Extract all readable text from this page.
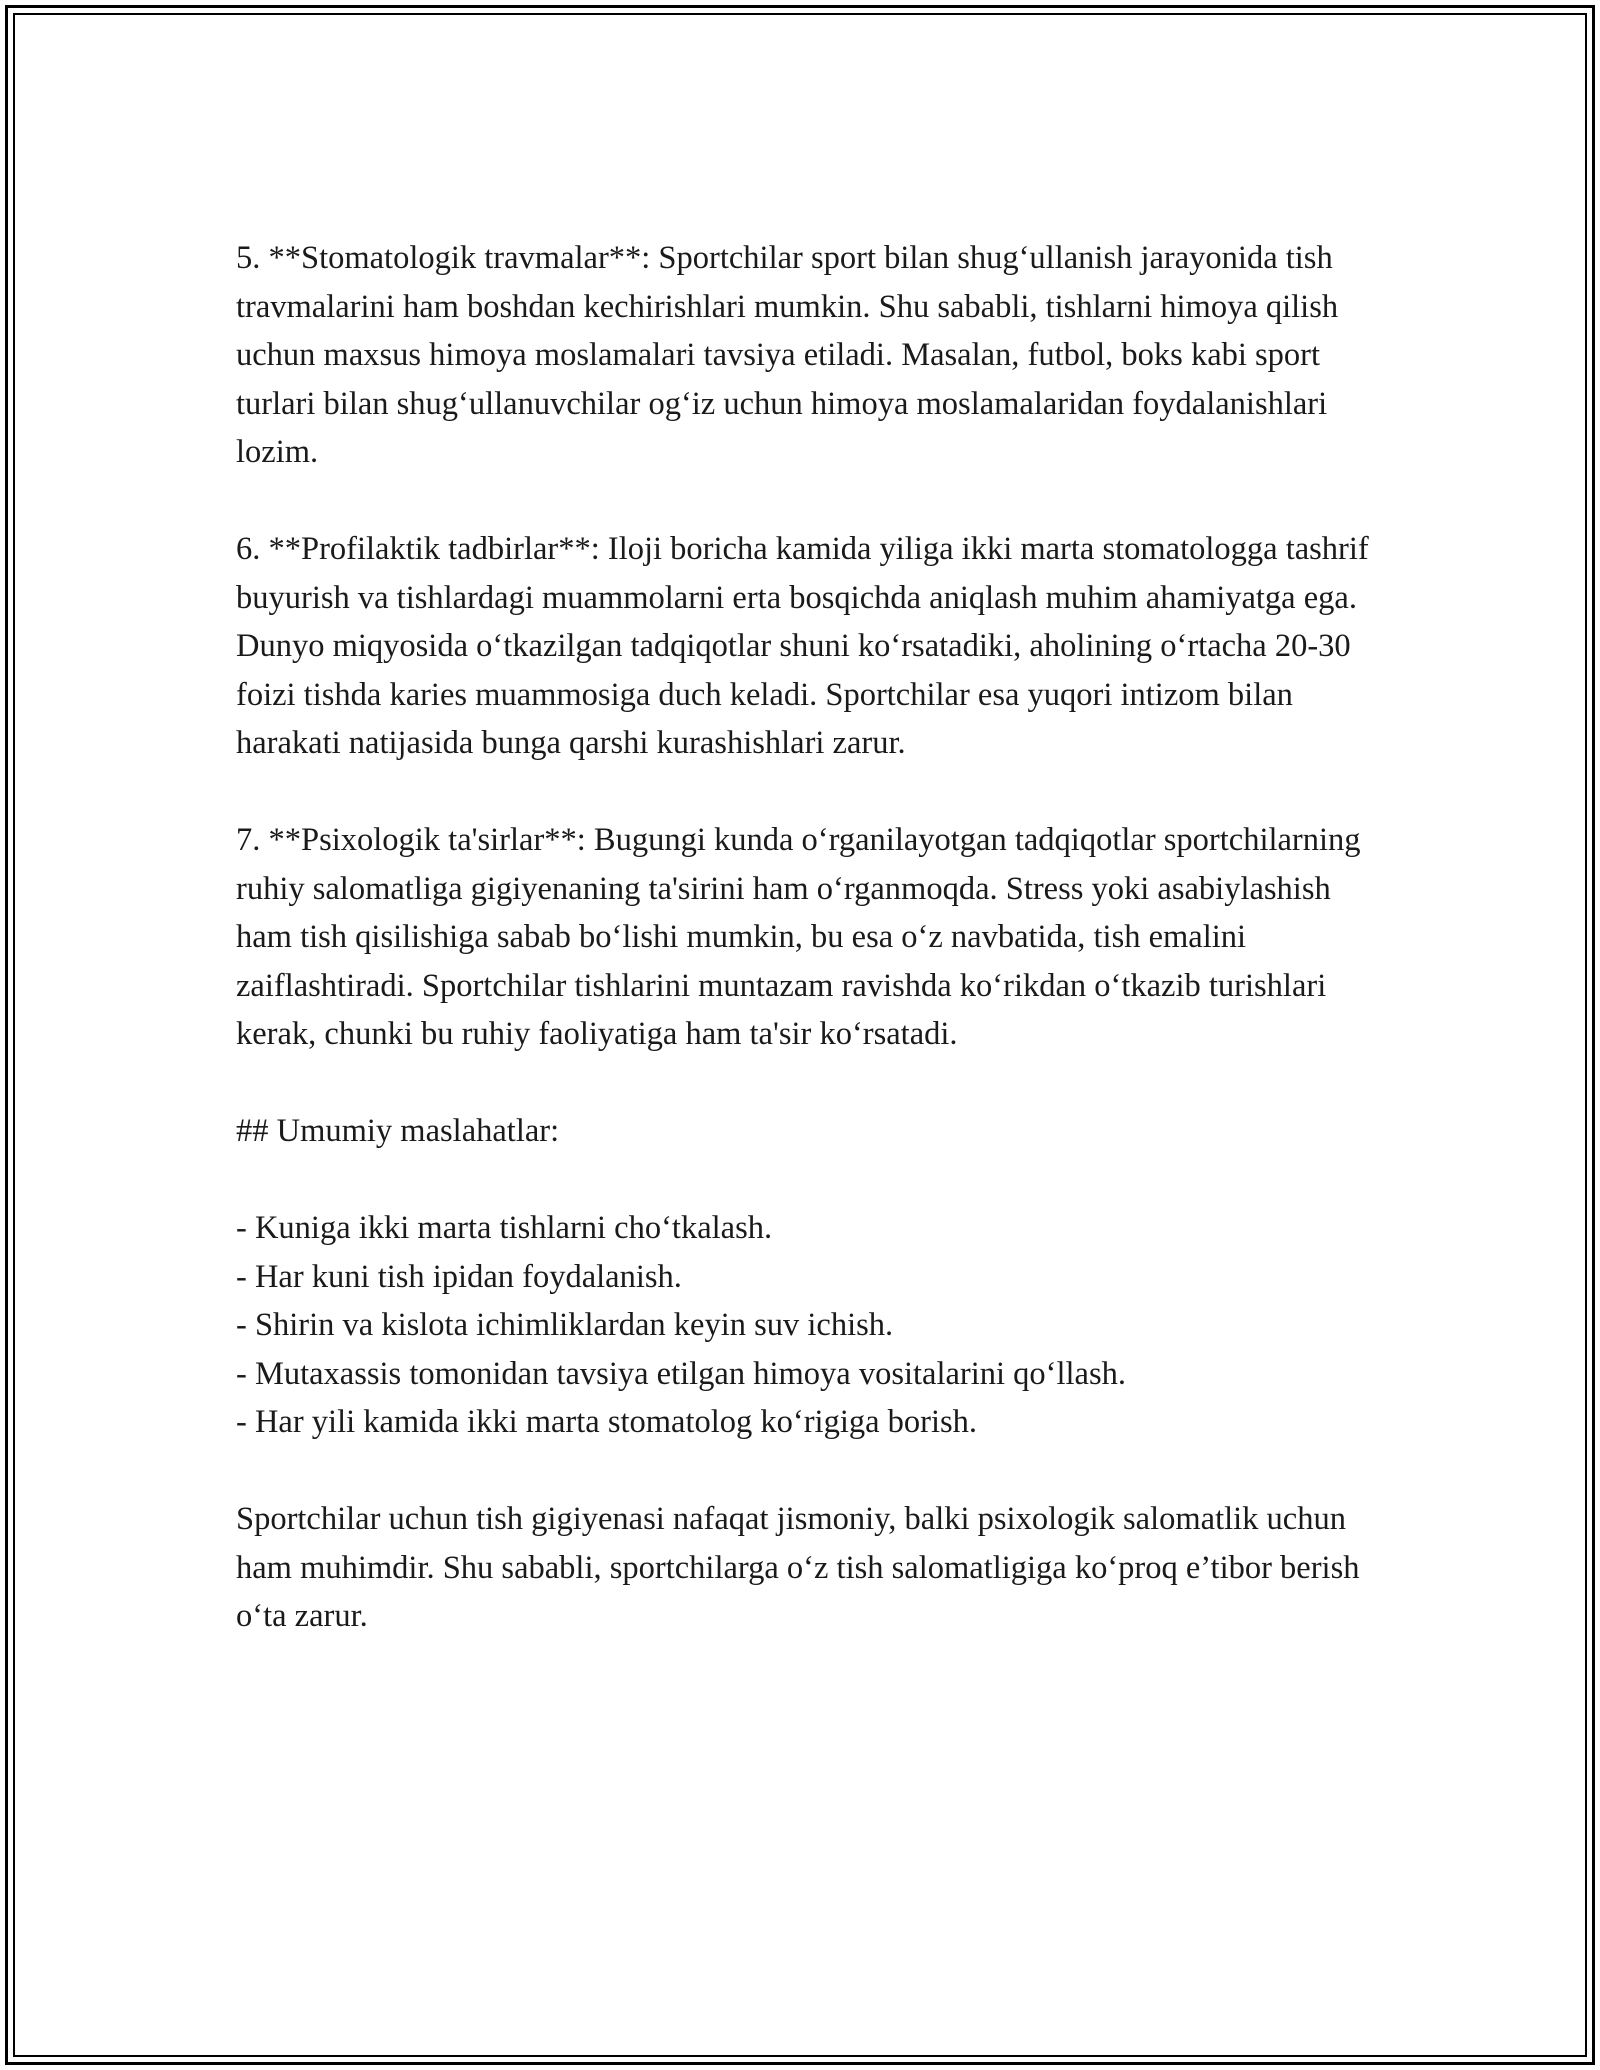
5. **Stomatologik travmalar**: Sportchilar sport bilan shug‘ullanish jarayonida tish travmalarini ham boshdan kechirishlari mumkin. Shu sababli, tishlarni himoya qilish uchun maxsus himoya moslamalari tavsiya etiladi. Masalan, futbol, boks kabi sport turlari bilan shug‘ullanuvchilar og‘iz uchun himoya moslamalaridan foydalanishlari lozim.

6. **Profilaktik tadbirlar**: Iloji boricha kamida yiliga ikki marta stomatologga tashrif buyurish va tishlardagi muammolarni erta bosqichda aniqlash muhim ahamiyatga ega. Dunyo miqyosida o‘tkazilgan tadqiqotlar shuni ko‘rsatadiki, aholining o‘rtacha 20-30 foizi tishda karies muammosiga duch keladi. Sportchilar esa yuqori intizom bilan harakati natijasida bunga qarshi kurashishlari zarur.

7. **Psixologik ta'sirlar**: Bugungi kunda o‘rganilayotgan tadqiqotlar sportchilarning ruhiy salomatliga gigiyenaning ta'sirini ham o‘rganmoqda. Stress yoki asabiylashish ham tish qisilishiga sabab bo‘lishi mumkin, bu esa o‘z navbatida, tish emalini zaiflashtiradi. Sportchilar tishlarini muntazam ravishda ko‘rikdan o‘tkazib turishlari kerak, chunki bu ruhiy faoliyatiga ham ta'sir ko‘rsatadi.

## Umumiy maslahatlar:

- Kuniga ikki marta tishlarni cho‘tkalash.
- Har kuni tish ipidan foydalanish.
- Shirin va kislota ichimliklardan keyin suv ichish.
- Mutaxassis tomonidan tavsiya etilgan himoya vositalarini qo‘llash.
- Har yili kamida ikki marta stomatolog ko‘rigiga borish.

Sportchilar uchun tish gigiyenasi nafaqat jismoniy, balki psixologik salomatlik uchun ham muhimdir. Shu sababli, sportchilarga o‘z tish salomatligiga ko‘proq e’tibor berish o‘ta zarur.
